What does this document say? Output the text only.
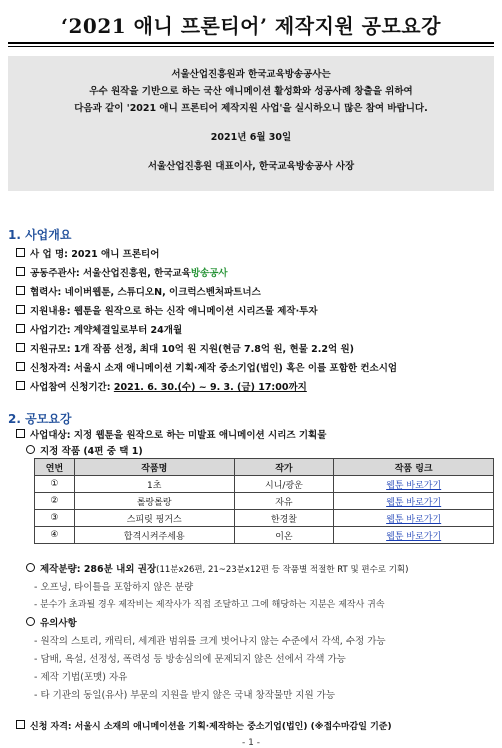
‘2021 애니 프론티어’ 제작지원 공모요강
서울산업진흥원과 한국교육방송공사는
우수 원작을 기반으로 하는 국산 애니메이션 활성화와 성공사례 창출을 위하여
다음과 같이 '2021 애니 프론티어 제작지원 사업'을 실시하오니 많은 참여 바랍니다.
2021년 6월 30일
서울산업진흥원 대표이사, 한국교육방송공사 사장
1. 사업개요
사 업 명: 2021 애니 프론티어
공동주관사: 서울산업진흥원, 한국교육방송공사
협력사: 네이버웹툰, 스튜디오N, 이크럭스벤처파트너스
지원내용: 웹툰을 원작으로 하는 신작 애니메이션 시리즈물 제작·투자
사업기간: 계약체결일로부터 24개월
지원규모: 1개 작품 선정, 최대 10억 원 지원(현금 7.8억 원, 현물 2.2억 원)
신청자격: 서울시 소재 애니메이션 기획·제작 중소기업(법인) 혹은 이를 포함한 컨소시엄
사업참여 신청기간: 2021. 6. 30.(수) ~ 9. 3. (금) 17:00까지
2. 공모요강
사업대상: 지정 웹툰을 원작으로 하는 미발표 애니메이션 시리즈 기획물
지정 작품 (4편 중 택 1)
연번	작품명	작가	작품 링크
①	1초	시니/광운	웹툰 바로가기
②	롤랑롤랑	자유	웹툰 바로가기
③	스피릿 핑거스	한경찰	웹툰 바로가기
④	합격시켜주세용	이온	웹툰 바로가기
제작분량: 286분 내외 권장(11분x26편, 21~23분x12편 등 작품별 적절한 RT 및 편수로 기획)
- 오프닝, 타이틀을 포함하지 않은 분량
- 분수가 초과될 경우 제작비는 제작사가 직접 조달하고 그에 해당하는 지분은 제작사 귀속
유의사항
- 원작의 스토리, 캐릭터, 세계관 범위를 크게 벗어나지 않는 수준에서 각색, 수정 가능
- 담배, 욕설, 선정성, 폭력성 등 방송심의에 문제되지 않은 선에서 각색 가능
- 제작 기법(포맷) 자유
- 타 기관의 동일(유사) 부문의 지원을 받지 않은 국내 창작물만 지원 가능
신청 자격: 서울시 소재의 애니메이션을 기획·제작하는 중소기업(법인) (※접수마감일 기준)
- 1 -
